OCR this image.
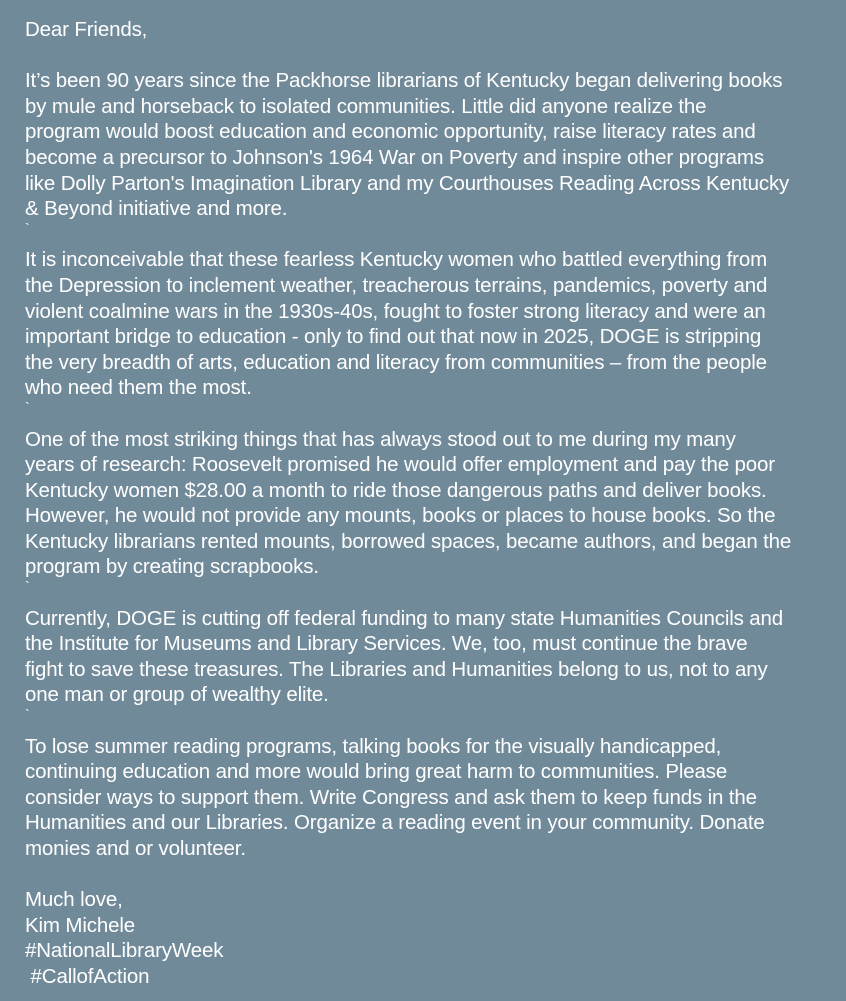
Dear Friends,
It’s been 90 years since the Packhorse librarians of Kentucky began delivering books
by mule and horseback to isolated communities. Little did anyone realize the
program would boost education and economic opportunity, raise literacy rates and
become a precursor to Johnson's 1964 War on Poverty and inspire other programs
like Dolly Parton's Imagination Library and my Courthouses Reading Across Kentucky
& Beyond initiative and more.
`
It is inconceivable that these fearless Kentucky women who battled everything from
the Depression to inclement weather, treacherous terrains, pandemics, poverty and
violent coalmine wars in the 1930s-40s, fought to foster strong literacy and were an
important bridge to education - only to find out that now in 2025, DOGE is stripping
the very breadth of arts, education and literacy from communities – from the people
who need them the most.
`
One of the most striking things that has always stood out to me during my many
years of research: Roosevelt promised he would offer employment and pay the poor
Kentucky women $28.00 a month to ride those dangerous paths and deliver books.
However, he would not provide any mounts, books or places to house books. So the
Kentucky librarians rented mounts, borrowed spaces, became authors, and began the
program by creating scrapbooks.
`
Currently, DOGE is cutting off federal funding to many state Humanities Councils and
the Institute for Museums and Library Services. We, too, must continue the brave
fight to save these treasures. The Libraries and Humanities belong to us, not to any
one man or group of wealthy elite.
`
To lose summer reading programs, talking books for the visually handicapped,
continuing education and more would bring great harm to communities. Please
consider ways to support them. Write Congress and ask them to keep funds in the
Humanities and our Libraries. Organize a reading event in your community. Donate
monies and or volunteer.
Much love,
Kim Michele
#NationalLibraryWeek
#CallofAction
